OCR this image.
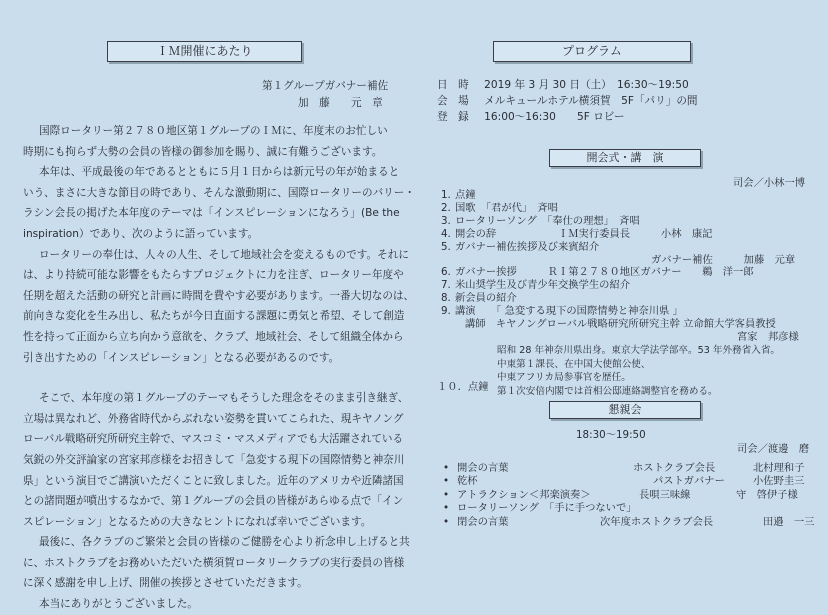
ＩＭ開催にあたり
第１グループガバナー補佐
加　藤　　元　章
国際ロータリー第２７８０地区第１グループのＩＭに、年度末のお忙しい
時期にも拘らず大勢の会員の皆様の御参加を賜り、誠に有難うございます。
本年は、平成最後の年であるとともに５月１日からは新元号の年が始まると
いう、まさに大きな節目の時であり、そんな激動期に、国際ロータリーのバリー・
ラシン会長の掲げた本年度のテーマは「インスピレーションになろう」(Be the
inspiration）であり、次のように語っています。
ロータリーの奉仕は、人々の人生、そして地域社会を変えるものです。それに
は、より持続可能な影響をもたらすプロジェクトに力を注ぎ、ロータリー年度や
任期を超えた活動の研究と計画に時間を費やす必要があります。一番大切なのは、
前向きな変化を生み出し、私たちが今日直面する課題に勇気と希望、そして創造
性を持って正面から立ち向かう意欲を、クラブ、地域社会、そして組織全体から
引き出すための「インスピレーション」となる必要があるのです。
そこで、本年度の第１グループのテーマもそうした理念をそのまま引き継ぎ、
立場は異なれど、外務省時代からぶれない姿勢を貫いてこられた、現キヤノング
ローバル戦略研究所研究主幹で、マスコミ・マスメディアでも大活躍されている
気鋭の外交評論家の宮家邦彦様をお招きして「急変する現下の国際情勢と神奈川
県」という演目でご講演いただくことに致しました。近年のアメリカや近隣諸国
との諸問題が噴出するなかで、第１グループの会員の皆様があらゆる点で「イン
スピレーション」となるための大きなヒントになれば幸いでございます。
最後に、各クラブのご繁栄と会員の皆様のご健勝を心より祈念申し上げると共
に、ホストクラブをお務めいただいた横須賀ロータリークラブの実行委員の皆様
に深く感謝を申し上げ、開催の挨拶とさせていただきます。
本当にありがとうございました。
プログラム
日　時 2019 年 3 月 30 日（土）　16:30～19:50
会　場 メルキュールホテル横須賀　5F「パリ」の間
登　録 16:00～16:30　　5F ロビー
開会式・講　演
司会／小林一博
1. 点鐘
2. 国歌　「君が代」　斉唱
3. ロータリーソング　「奉仕の理想」　斉唱
4. 開会の辞　　　　　　ＩＭ実行委員長　　　小林　康記
5. ガバナー補佐挨拶及び来賓紹介
ガバナー補佐　　　加藤　元章
6. ガバナー挨拶　　　ＲＩ第２７８０地区ガバナー　　鵜　洋一郎
7. 米山奨学生及び青少年交換学生の紹介
8. 新会員の紹介
9. 講演　　「 急変する現下の国際情勢と神奈川県 」
講師　キヤノングローバル戦略研究所研究主幹 立命館大学客員教授
宮家　邦彦様
昭和 28 年神奈川県出身。東京大学法学部卒。53 年外務省入省。
中東第１課長、在中国大使館公使、
中東アフリカ局参事官を歴任。
第１次安倍内閣では首相公邸連絡調整官を務める。
１０．点鐘
懇親会
18:30～19:50
司会／渡邊　磨
• 開会の言葉	ホストクラブ会長	北村理和子
• 乾杯	パストガバナー	小佐野圭三
• アトラクション＜邦楽演奏＞	長唄三味線	守　啓伊子様
• ロータリーソング　「手に手つないで」
• 閉会の言葉	次年度ホストクラブ会長	田邉　一三
